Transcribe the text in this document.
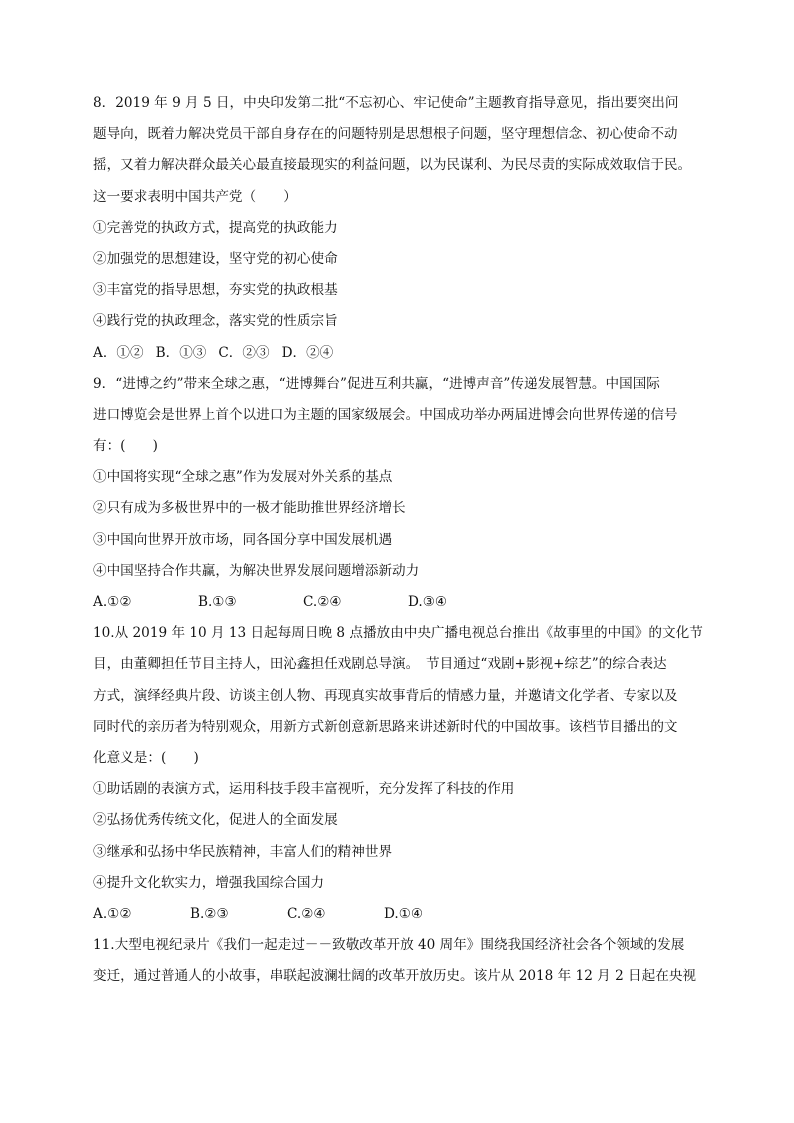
8．2019 年 9 月 5 日，中央印发第二批“不忘初心、牢记使命”主题教育指导意见，指出要突出问
题导向，既着力解决党员干部自身存在的问题特别是思想根子问题，坚守理想信念、初心使命不动
摇，又着力解决群众最关心最直接最现实的利益问题，以为民谋利、为民尽责的实际成效取信于民。
这一要求表明中国共产党（　　）
①完善党的执政方式，提高党的执政能力
②加强党的思想建设，坚守党的初心使命
③丰富党的指导思想，夯实党的执政根基
④践行党的执政理念，落实党的性质宗旨
A．①② B．①③ C．②③ D．②④
9．“进博之约”带来全球之惠，“进博舞台”促进互利共赢，“进博声音”传递发展智慧。中国国际
进口博览会是世界上首个以进口为主题的国家级展会。中国成功举办两届进博会向世界传递的信号
有：(　　)
①中国将实现“全球之惠”作为发展对外关系的基点
②只有成为多极世界中的一极才能助推世界经济增长
③中国向世界开放市场，同各国分享中国发展机遇
④中国坚持合作共赢，为解决世界发展问题增添新动力
A.①②	B.①③	C.②④	D.③④
10.从 2019 年 10 月 13 日起每周日晚 8 点播放由中央广播电视总台推出《故事里的中国》的文化节
目，由董卿担任节目主持人，田沁鑫担任戏剧总导演。　节目通过“戏剧+影视+综艺”的综合表达
方式，演绎经典片段、访谈主创人物、再现真实故事背后的情感力量，并邀请文化学者、专家以及
同时代的亲历者为特别观众，用新方式新创意新思路来讲述新时代的中国故事。该档节目播出的文
化意义是：(　　)
①助话剧的表演方式，运用科技手段丰富视听，充分发挥了科技的作用
②弘扬优秀传统文化，促进人的全面发展
③继承和弘扬中华民族精神，丰富人们的精神世界
④提升文化软实力，增强我国综合国力
A.①②	B.②③	C.②④	D.①④
11.大型电视纪录片《我们一起走过－－致敬改革开放 40 周年》围绕我国经济社会各个领域的发展
变迁，通过普通人的小故事，串联起波澜壮阔的改革开放历史。该片从 2018 年 12 月 2 日起在央视
